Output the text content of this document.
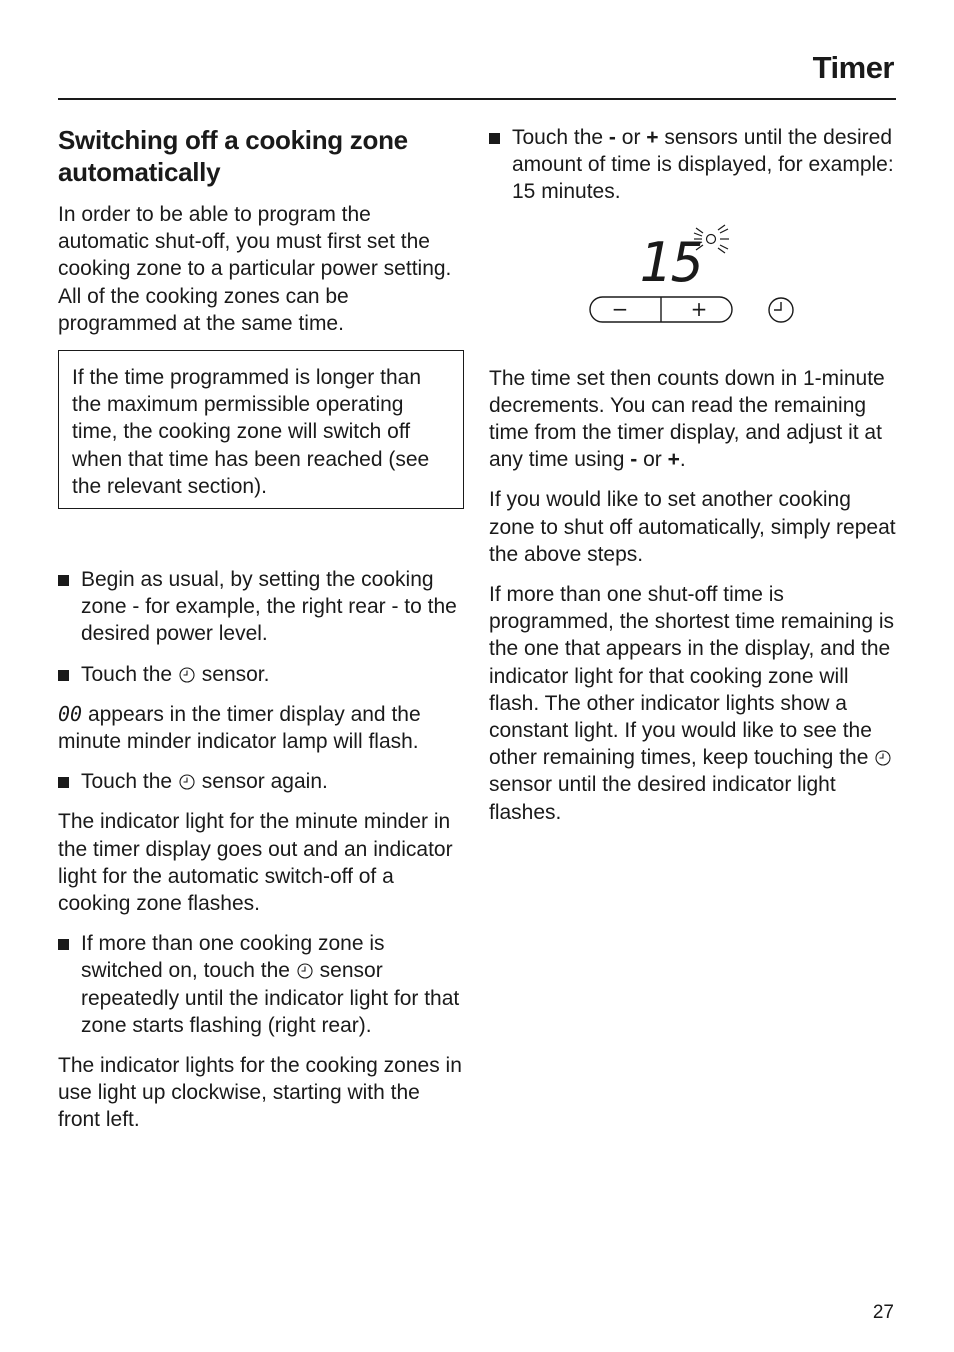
Timer
Switching off a cooking zone automatically

In order to be able to program the automatic shut-off, you must first set the cooking zone to a particular power setting. All of the cooking zones can be programmed at the same time.

If the time programmed is longer than the maximum permissible operating time, the cooking zone will switch off when that time has been reached (see the relevant section).

Begin as usual, by setting the cooking zone - for example, the right rear - to the desired power level.
Touch the sensor.

00 appears in the timer display and the minute minder indicator lamp will flash.

Touch the sensor again.

The indicator light for the minute minder in the timer display goes out and an indicator light for the automatic switch-off of a cooking zone flashes.

If more than one cooking zone is switched on, touch the sensor repeatedly until the indicator light for that zone starts flashing (right rear).

The indicator lights for the cooking zones in use light up clockwise, starting with the front left.

Touch the - or + sensors until the desired amount of time is displayed, for example: 15 minutes.
15
−	+

The time set then counts down in 1-minute decrements. You can read the remaining time from the timer display, and adjust it at any time using - or +.

If you would like to set another cooking zone to shut off automatically, simply repeat the above steps.

If more than one shut-off time is programmed, the shortest time remaining is the one that appears in the display, and the indicator light for that cooking zone will flash. The other indicator lights show a constant light. If you would like to see the other remaining times, keep touching the  sensor until the desired indicator light flashes.

27
